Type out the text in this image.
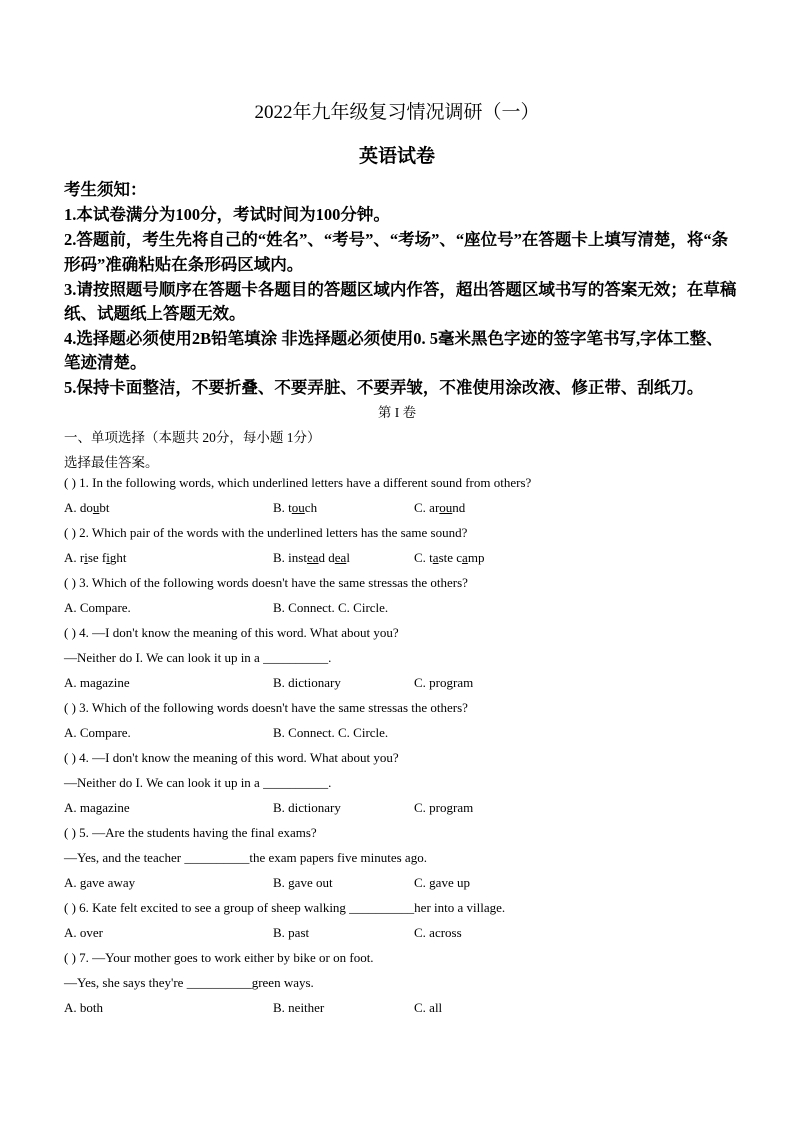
2022年九年级复习情况调研（一）
英语试卷
考生须知：
1.本试卷满分为100分，考试时间为100分钟。
2.答题前，考生先将自己的“姓名”、“考号”、“考场”、“座位号”在答题卡上填写清楚，将“条
形码”准确粘贴在条形码区域内。
3.请按照题号顺序在答题卡各题目的答题区域内作答，超出答题区域书写的答案无效；在草稿
纸、试题纸上答题无效。
4.选择题必须使用2B铅笔填涂 非选择题必须使用0. 5毫米黑色字迹的签字笔书写,字体工整、
笔迹清楚。
5.保持卡面整洁，不要折叠、不要弄脏、不要弄皱，不准使用涂改液、修正带、刮纸刀。
第 I 卷
一、单项选择（本题共 20分，每小题 1分）
选择最佳答案。
( ) 1. In the following words, which underlined letters have a different sound from others?
A. doubt	B. touch	C. around
( ) 2. Which pair of the words with the underlined letters has the same sound?
A. rise fight	B. instead deal	C. taste camp
( ) 3. Which of the following words doesn't have the same stressas the others?
A. Compare.	B. Connect. C. Circle.
( ) 4. —I don't know the meaning of this word. What about you?
—Neither do I. We can look it up in a __________.
A. magazine	B. dictionary	C. program
( ) 3. Which of the following words doesn't have the same stressas the others?
A. Compare.	B. Connect. C. Circle.
( ) 4. —I don't know the meaning of this word. What about you?
—Neither do I. We can look it up in a __________.
A. magazine	B. dictionary	C. program
( ) 5. —Are the students having the final exams?
—Yes, and the teacher __________the exam papers five minutes ago.
A. gave away	B. gave out	C. gave up
( ) 6. Kate felt excited to see a group of sheep walking __________her into a village.
A. over	B. past	C. across
( ) 7. —Your mother goes to work either by bike or on foot.
—Yes, she says they're __________green ways.
A. both	B. neither	C. all
